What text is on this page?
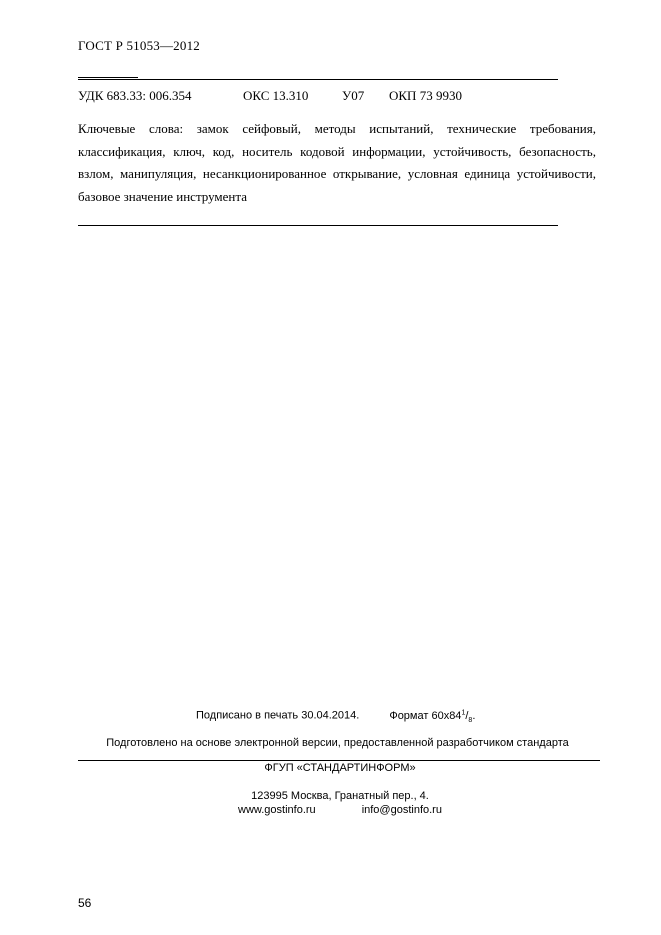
ГОСТ Р 51053—2012
УДК 683.33: 006.354	ОКС 13.310	У07 ОКП 73 9930

Ключевые слова: замок сейфовый, методы испытаний, технические требования, классификация, ключ, код, носитель кодовой информации, устойчивость, безопасность, взлом, манипуляция, несанкционированное открывание, условная единица устойчивости, базовое значение инструмента

Подписано в печать 30.04.2014.	Формат $60х84^1/_8$.
Подготовлено на основе электронной версии, предоставленной разработчиком стандарта
ФГУП «СТАНДАРТИНФОРМ»
123995 Москва, Гранатный пер., 4.
www.gostinfo.ru	info@gostinfo.ru
56
